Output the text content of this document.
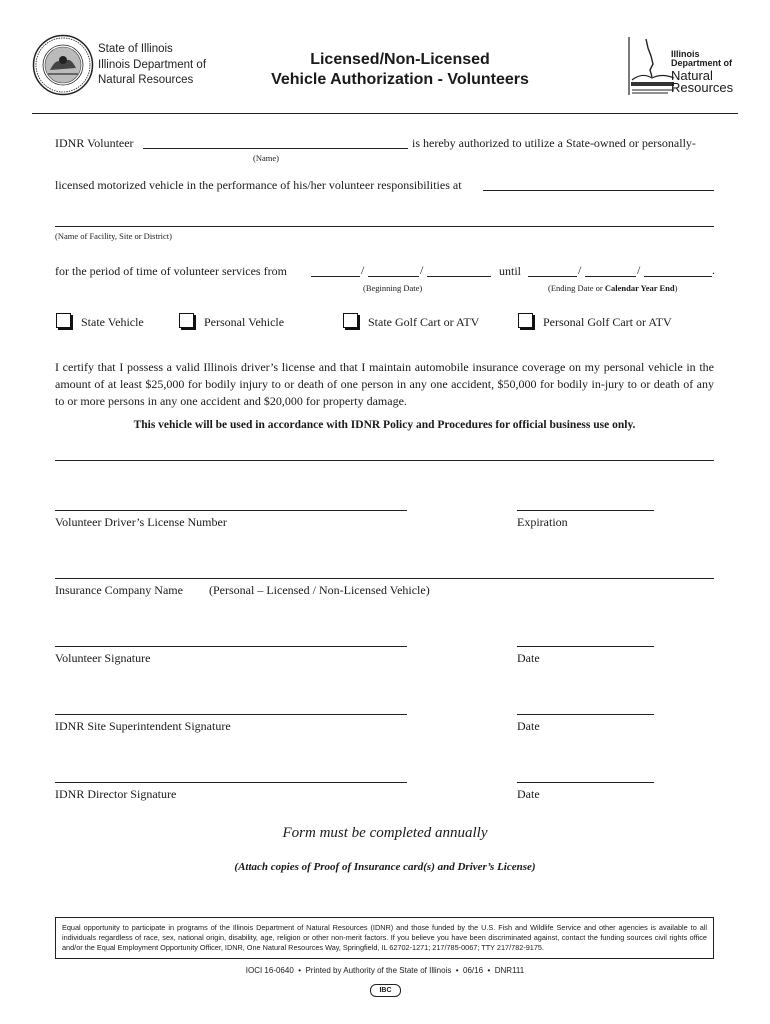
State of Illinois
Illinois Department of
Natural Resources
Licensed/Non-Licensed
Vehicle Authorization - Volunteers
Illinois
Department of
Natural
Resources
IDNR Volunteer	is hereby authorized to utilize a State-owned or personally-
(Name)
licensed motorized vehicle in the performance of his/her volunteer responsibilities at
(Name of Facility, Site or District)
for the period of time of volunteer services from	/	/	until	/	/	.
(Beginning Date)	(Ending Date or Calendar Year End)
State Vehicle	Personal Vehicle	State Golf Cart or ATV	Personal Golf Cart or ATV
I certify that I possess a valid Illinois driver’s license and that I maintain automobile insurance coverage on my personal vehicle in the amount of at least $25,000 for bodily injury to or death of one person in any one accident, $50,000 for bodily in-jury to or death of any to or more persons in any one accident and $20,000 for property damage.
This vehicle will be used in accordance with IDNR Policy and Procedures for official business use only.
Volunteer Driver’s License Number	Expiration
Insurance Company Name (Personal – Licensed / Non-Licensed Vehicle)
Volunteer Signature	Date
IDNR Site Superintendent Signature	Date
IDNR Director Signature	Date
Form must be completed annually
(Attach copies of Proof of Insurance card(s) and Driver’s License)
Equal opportunity to participate in programs of the Illinois Department of Natural Resources (IDNR) and those funded by the U.S. Fish and Wildlife Service and other agencies is available to all individuals regardless of race, sex, national origin, disability, age, religion or other non-merit factors. If you believe you have been discriminated against, contact the funding sources civil rights office and/or the Equal Employment Opportunity Officer, IDNR, One Natural Resources Way, Springfield, IL 62702-1271; 217/785-0067; TTY 217/782-9175.
IOCI 16-0640  •  Printed by Authority of the State of Illinois  •  06/16  •  DNR111
IBC
